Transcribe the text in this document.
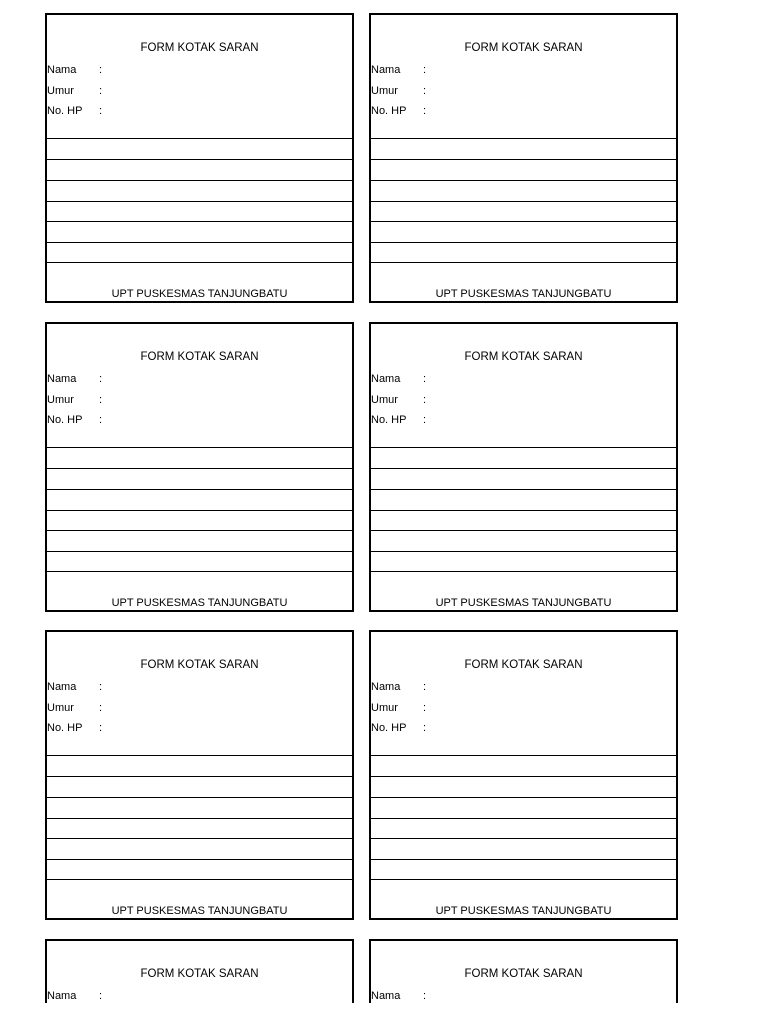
FORM KOTAK SARAN
Nama :
Umur :
No. HP :
UPT PUSKESMAS TANJUNGBATU
FORM KOTAK SARAN
Nama :
Umur :
No. HP :
UPT PUSKESMAS TANJUNGBATU
FORM KOTAK SARAN
Nama :
Umur :
No. HP :
UPT PUSKESMAS TANJUNGBATU
FORM KOTAK SARAN
Nama :
Umur :
No. HP :
UPT PUSKESMAS TANJUNGBATU
FORM KOTAK SARAN
Nama :
Umur :
No. HP :
UPT PUSKESMAS TANJUNGBATU
FORM KOTAK SARAN
Nama :
Umur :
No. HP :
UPT PUSKESMAS TANJUNGBATU
FORM KOTAK SARAN
Nama :
FORM KOTAK SARAN
Nama :
